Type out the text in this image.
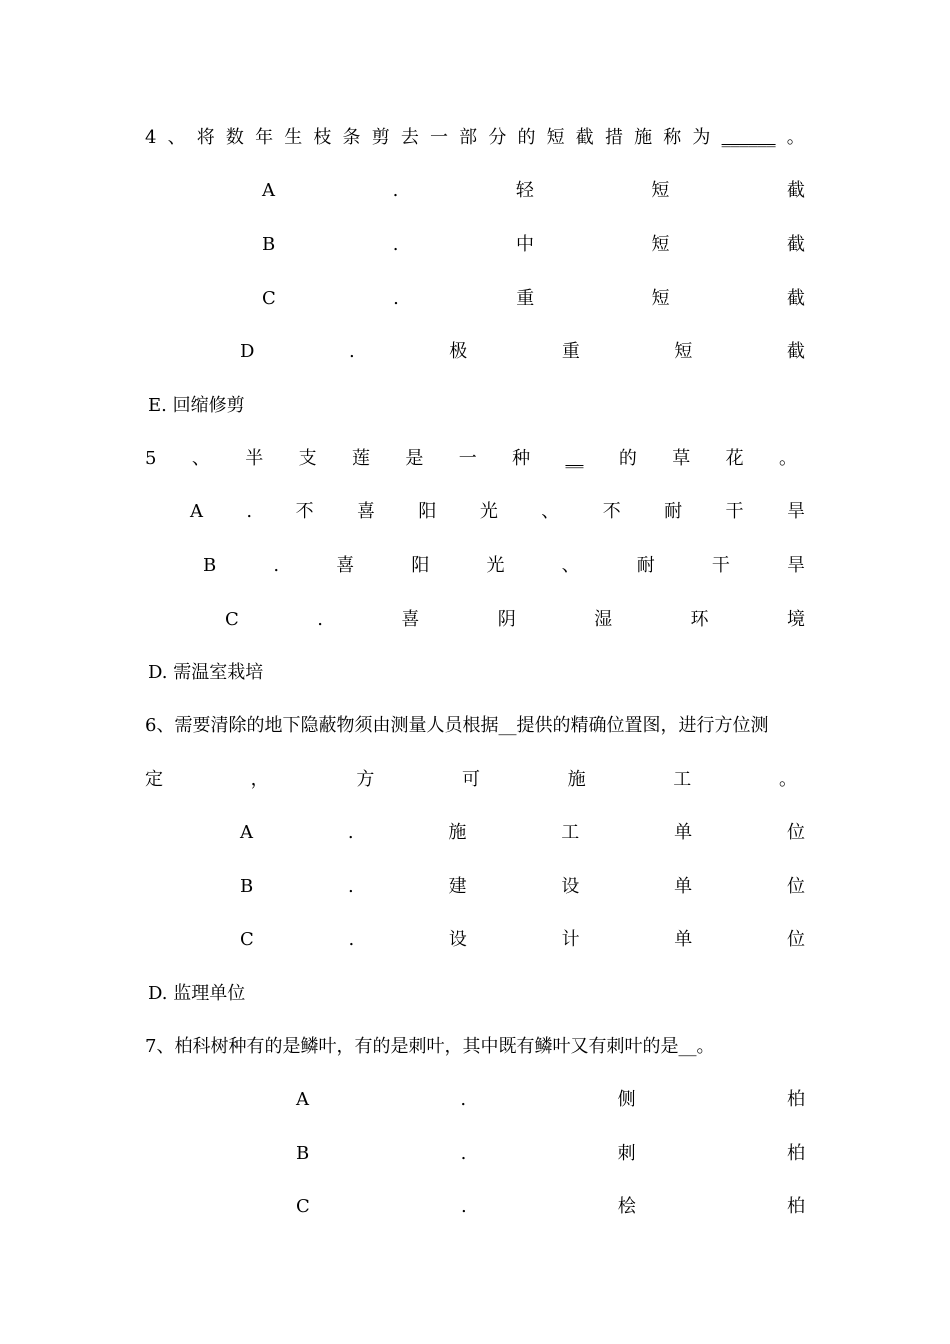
4 、 将 数 年 生 枝 条 剪 去 一 部 分 的 短 截 措 施 称 为 ______ 。
A	.	轻	短	截
B	.	中	短	截
C	.	重	短	截
D	.	极	重	短	截
E. 回缩修剪
5 、 半 支 莲 是 一 种 __ 的 草 花 。
A . 不 喜 阳 光 、 不 耐 干 旱
B	.	喜	阳	光	、	耐	干	旱
C	.	喜	阴	湿	环	境
D. 需温室栽培
6、需要清除的地下隐蔽物须由测量人员根据__提供的精确位置图，进行方位测
定	，	方	可	施	工	。
A	.	施	工	单	位
B	.	建	设	单	位
C	.	设	计	单	位
D. 监理单位
7、柏科树种有的是鳞叶，有的是刺叶，其中既有鳞叶又有刺叶的是__。
A	.	侧	柏
B	.	刺	柏
C	.	桧	柏
